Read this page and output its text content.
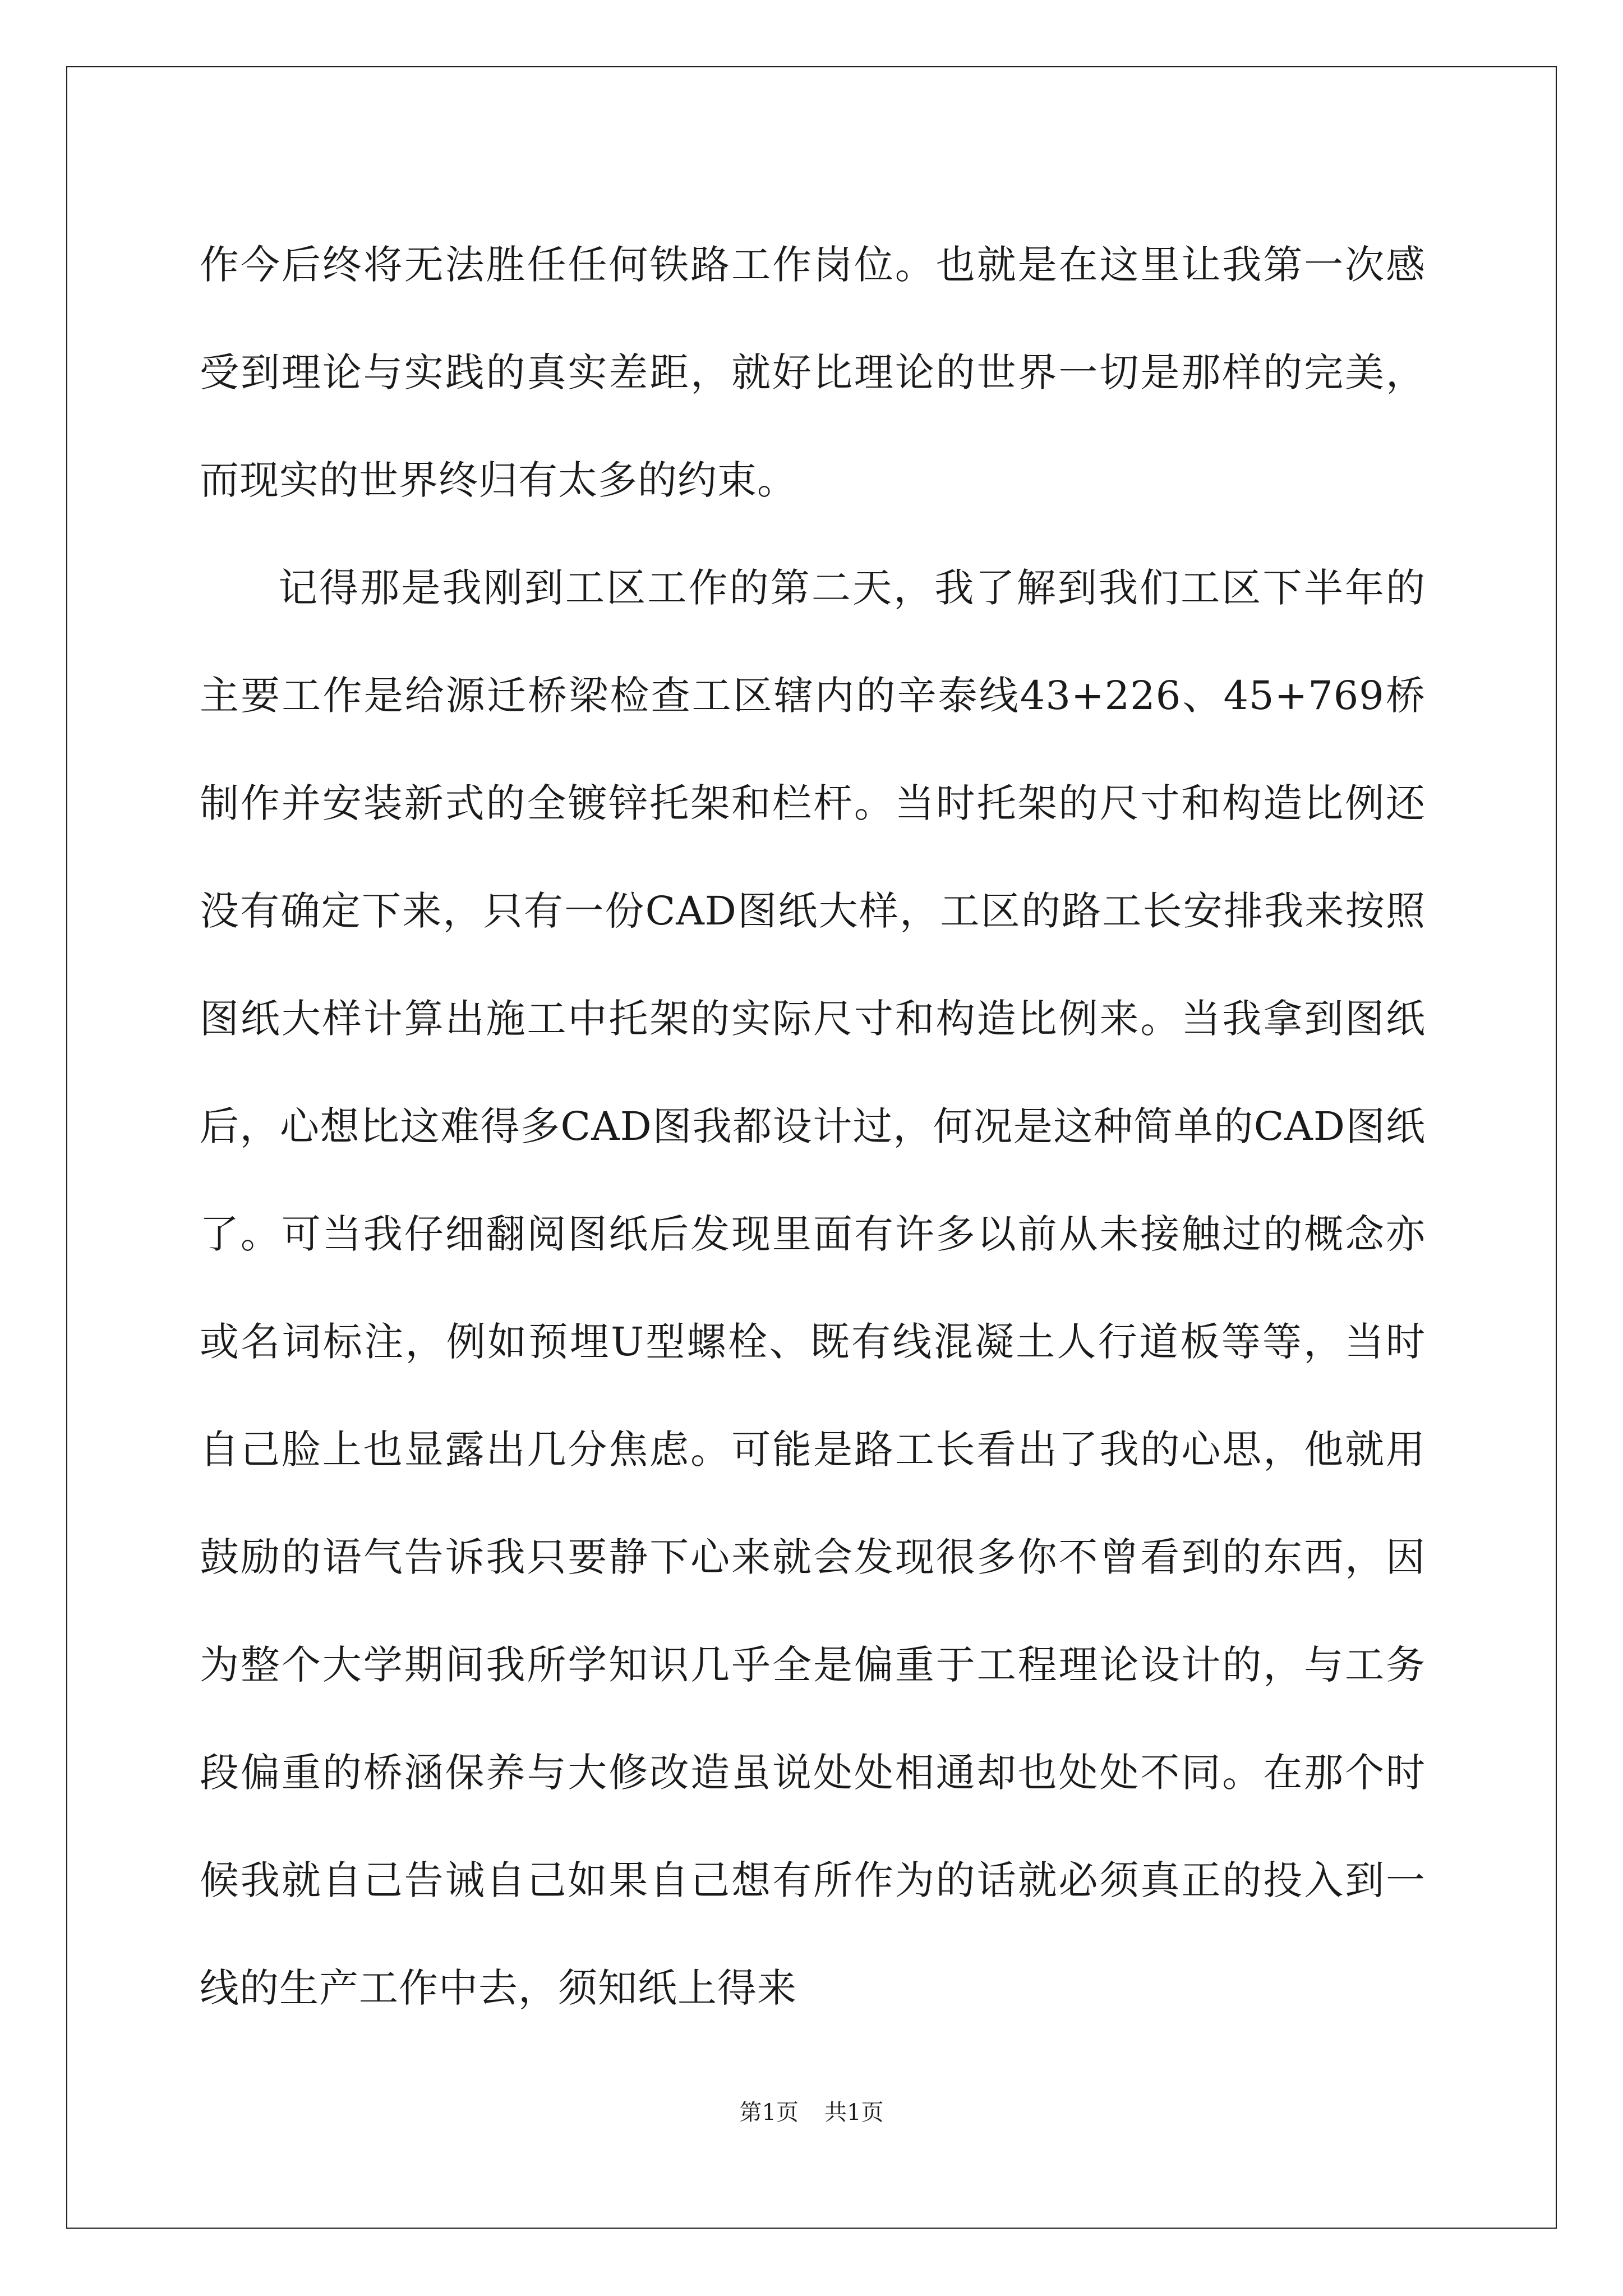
作今后终将无法胜任任何铁路工作岗位。也就是在这里让我第一次感受到理论与实践的真实差距，就好比理论的世界一切是那样的完美，而现实的世界终归有太多的约束。

记得那是我刚到工区工作的第二天，我了解到我们工区下半年的主要工作是给源迁桥梁检查工区辖内的辛泰线43+226、45+769桥制作并安装新式的全镀锌托架和栏杆。当时托架的尺寸和构造比例还没有确定下来，只有一份CAD图纸大样，工区的路工长安排我来按照图纸大样计算出施工中托架的实际尺寸和构造比例来。当我拿到图纸后，心想比这难得多CAD图我都设计过，何况是这种简单的CAD图纸了。可当我仔细翻阅图纸后发现里面有许多以前从未接触过的概念亦或名词标注，例如预埋U型螺栓、既有线混凝土人行道板等等，当时自己脸上也显露出几分焦虑。可能是路工长看出了我的心思，他就用鼓励的语气告诉我只要静下心来就会发现很多你不曾看到的东西，因为整个大学期间我所学知识几乎全是偏重于工程理论设计的，与工务段偏重的桥涵保养与大修改造虽说处处相通却也处处不同。在那个时候我就自己告诫自己如果自己想有所作为的话就必须真正的投入到一线的生产工作中去，须知纸上得来

第1页 共1页
